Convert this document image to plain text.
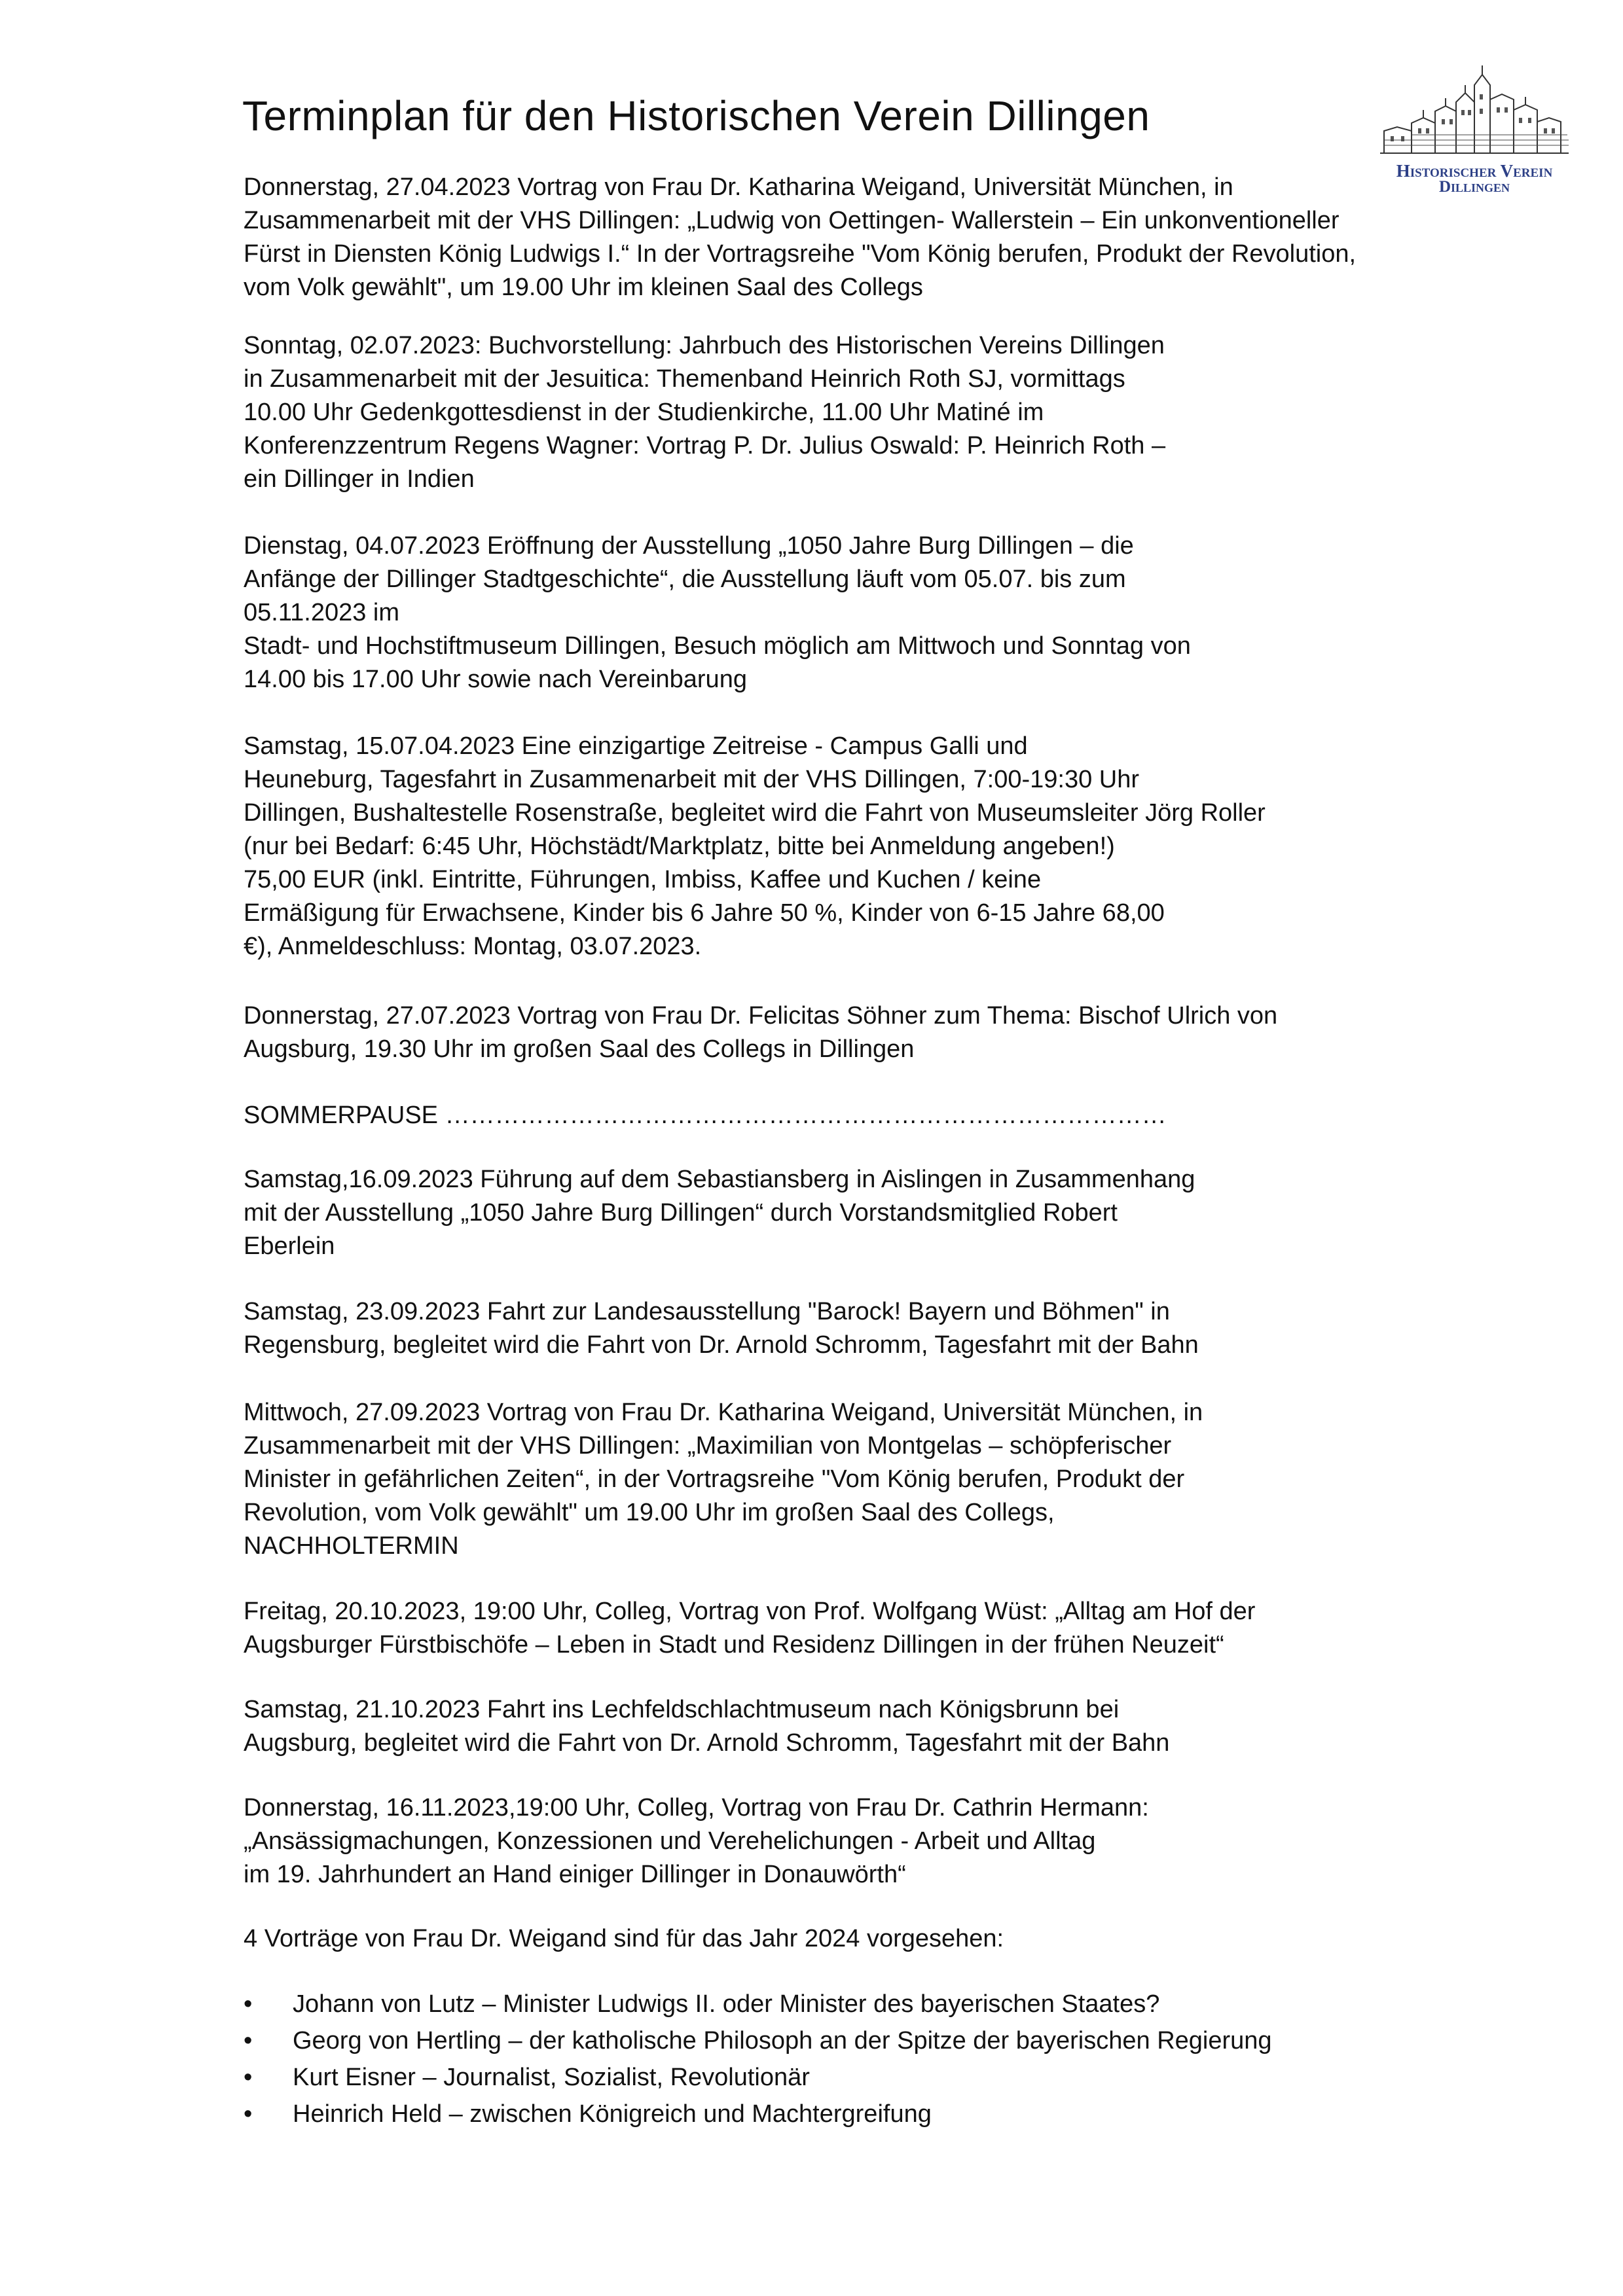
Terminplan für den Historischen Verein Dillingen
Historischer Verein
Dillingen
Donnerstag, 27.04.2023 Vortrag von Frau Dr. Katharina Weigand, Universität München, in
Zusammenarbeit mit der VHS Dillingen: „Ludwig von Oettingen- Wallerstein – Ein unkonventioneller
Fürst in Diensten König Ludwigs I.“ In der Vortragsreihe "Vom König berufen, Produkt der Revolution,
vom Volk gewählt", um 19.00 Uhr im kleinen Saal des Collegs
Sonntag, 02.07.2023: Buchvorstellung: Jahrbuch des Historischen Vereins Dillingen
in Zusammenarbeit mit der Jesuitica: Themenband Heinrich Roth SJ, vormittags
10.00 Uhr Gedenkgottesdienst in der Studienkirche, 11.00 Uhr Matiné im
Konferenzzentrum Regens Wagner: Vortrag P. Dr. Julius Oswald: P. Heinrich Roth –
ein Dillinger in Indien
Dienstag, 04.07.2023 Eröffnung der Ausstellung „1050 Jahre Burg Dillingen – die
Anfänge der Dillinger Stadtgeschichte“, die Ausstellung läuft vom 05.07. bis zum
05.11.2023 im
Stadt- und Hochstiftmuseum Dillingen, Besuch möglich am Mittwoch und Sonntag von
14.00 bis 17.00 Uhr sowie nach Vereinbarung
Samstag, 15.07.04.2023 Eine einzigartige Zeitreise - Campus Galli und
Heuneburg, Tagesfahrt in Zusammenarbeit mit der VHS Dillingen, 7:00-19:30 Uhr
Dillingen, Bushaltestelle Rosenstraße, begleitet wird die Fahrt von Museumsleiter Jörg Roller
(nur bei Bedarf: 6:45 Uhr, Höchstädt/Marktplatz, bitte bei Anmeldung angeben!)
75,00 EUR (inkl. Eintritte, Führungen, Imbiss, Kaffee und Kuchen / keine
Ermäßigung für Erwachsene, Kinder bis 6 Jahre 50 %, Kinder von 6-15 Jahre 68,00
€), Anmeldeschluss: Montag, 03.07.2023.
Donnerstag, 27.07.2023 Vortrag von Frau Dr. Felicitas Söhner zum Thema: Bischof Ulrich von
Augsburg, 19.30 Uhr im großen Saal des Collegs in Dillingen
SOMMERPAUSE ……………………………………………………………………………
Samstag,16.09.2023 Führung auf dem Sebastiansberg in Aislingen in Zusammenhang
mit der Ausstellung „1050 Jahre Burg Dillingen“ durch Vorstandsmitglied Robert
Eberlein
Samstag, 23.09.2023 Fahrt zur Landesausstellung "Barock! Bayern und Böhmen" in
Regensburg, begleitet wird die Fahrt von Dr. Arnold Schromm, Tagesfahrt mit der Bahn
Mittwoch, 27.09.2023 Vortrag von Frau Dr. Katharina Weigand, Universität München, in
Zusammenarbeit mit der VHS Dillingen: „Maximilian von Montgelas – schöpferischer
Minister in gefährlichen Zeiten“, in der Vortragsreihe "Vom König berufen, Produkt der
Revolution, vom Volk gewählt" um 19.00 Uhr im großen Saal des Collegs,
NACHHOLTERMIN
Freitag, 20.10.2023, 19:00 Uhr, Colleg, Vortrag von Prof. Wolfgang Wüst: „Alltag am Hof der
Augsburger Fürstbischöfe – Leben in Stadt und Residenz Dillingen in der frühen Neuzeit“
Samstag, 21.10.2023 Fahrt ins Lechfeldschlachtmuseum nach Königsbrunn bei
Augsburg, begleitet wird die Fahrt von Dr. Arnold Schromm, Tagesfahrt mit der Bahn
Donnerstag, 16.11.2023,19:00 Uhr, Colleg, Vortrag von Frau Dr. Cathrin Hermann:
„Ansässigmachungen, Konzessionen und Verehelichungen - Arbeit und Alltag
im 19. Jahrhundert an Hand einiger Dillinger in Donauwörth“
4 Vorträge von Frau Dr. Weigand sind für das Jahr 2024 vorgesehen:
• Johann von Lutz – Minister Ludwigs II. oder Minister des bayerischen Staates?
• Georg von Hertling – der katholische Philosoph an der Spitze der bayerischen Regierung
• Kurt Eisner – Journalist, Sozialist, Revolutionär
• Heinrich Held – zwischen Königreich und Machtergreifung
